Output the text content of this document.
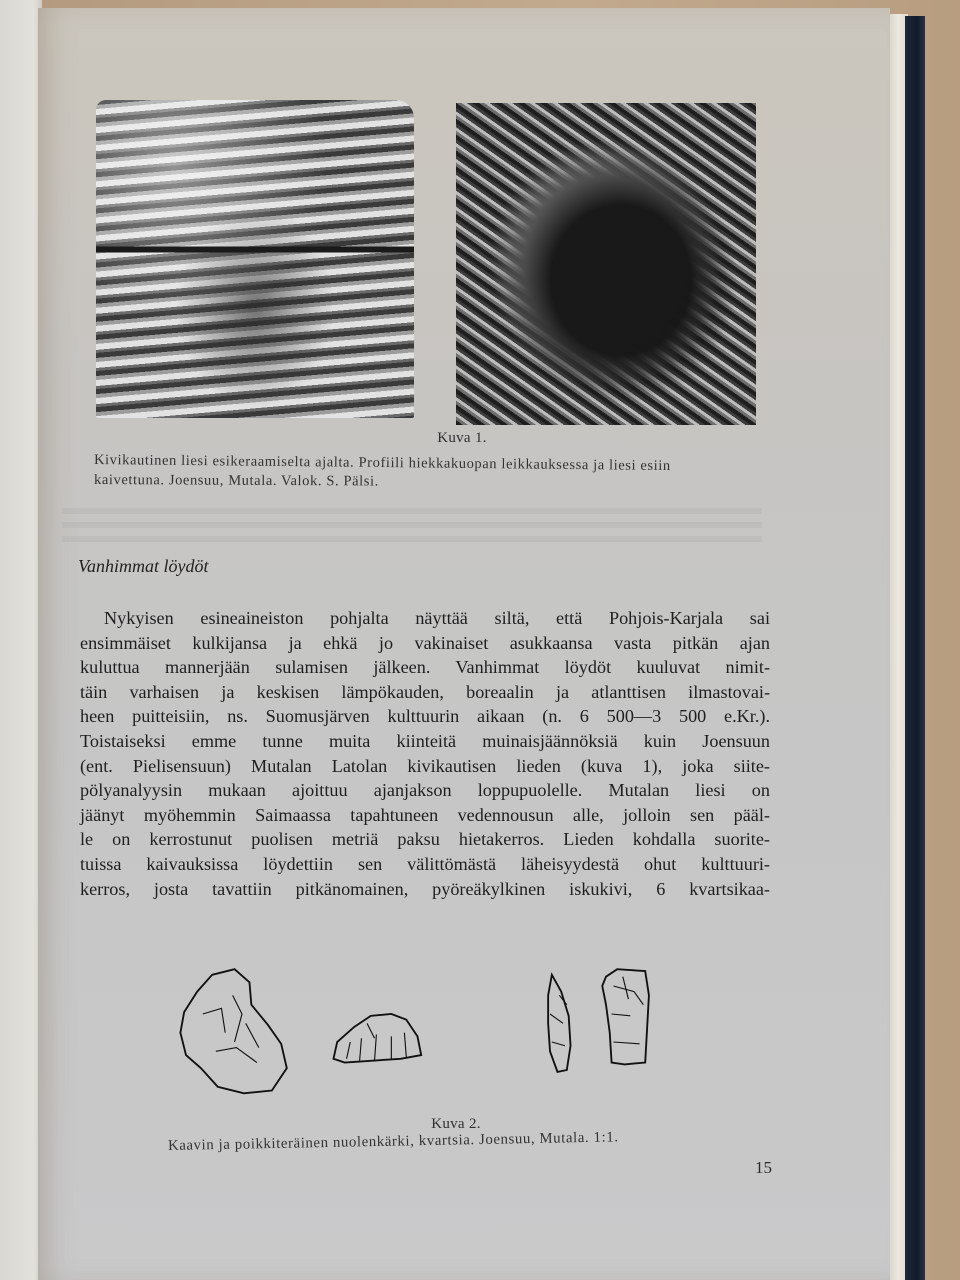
Kuva 1.
Kivikautinen liesi esikeraamiselta ajalta. Profiili hiekkakuopan leikkauksessa ja liesi esiin
kaivettuna. Joensuu, Mutala. Valok. S. Pälsi.
Vanhimmat löydöt
Nykyisen esineaineiston pohjalta näyttää siltä, että Pohjois-Karjala sai
ensimmäiset kulkijansa ja ehkä jo vakinaiset asukkaansa vasta pitkän ajan
kuluttua mannerjään sulamisen jälkeen. Vanhimmat löydöt kuuluvat nimit-
täin varhaisen ja keskisen lämpökauden, boreaalin ja atlanttisen ilmastovai-
heen puitteisiin, ns. Suomusjärven kulttuurin aikaan (n. 6 500—3 500 e.Kr.).
Toistaiseksi emme tunne muita kiinteitä muinaisjäännöksiä kuin Joensuun
(ent. Pielisensuun) Mutalan Latolan kivikautisen lieden (kuva 1), joka siite-
pölyanalyysin mukaan ajoittuu ajanjakson loppupuolelle. Mutalan liesi on
jäänyt myöhemmin Saimaassa tapahtuneen vedennousun alle, jolloin sen pääl-
le on kerrostunut puolisen metriä paksu hietakerros. Lieden kohdalla suorite-
tuissa kaivauksissa löydettiin sen välittömästä läheisyydestä ohut kulttuuri-
kerros, josta tavattiin pitkänomainen, pyöreäkylkinen iskukivi, 6 kvartsikaa-
Kuva 2.
Kaavin ja poikkiteräinen nuolenkärki, kvartsia. Joensuu, Mutala. 1:1.
15
